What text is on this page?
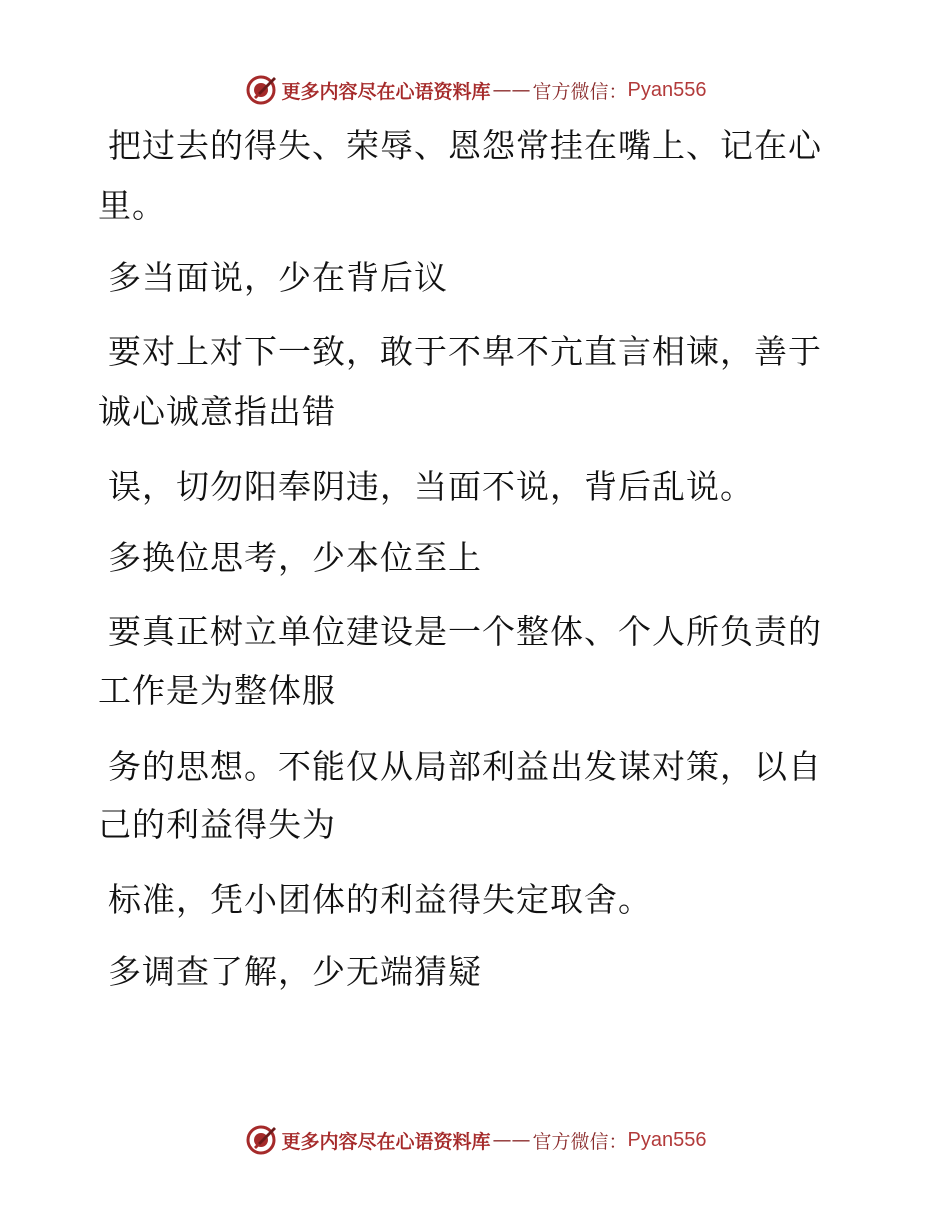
更多内容尽在心语资料库 —— 官方微信： Pyan556
把过去的得失、荣辱、恩怨常挂在嘴上、记在心
里。
多当面说，少在背后议
要对上对下一致，敢于不卑不亢直言相谏，善于
诚心诚意指出错
误，切勿阳奉阴违，当面不说，背后乱说。
多换位思考，少本位至上
要真正树立单位建设是一个整体、个人所负责的
工作是为整体服
务的思想。不能仅从局部利益出发谋对策，以自
己的利益得失为
标准，凭小团体的利益得失定取舍。
多调查了解，少无端猜疑
更多内容尽在心语资料库 —— 官方微信： Pyan556
